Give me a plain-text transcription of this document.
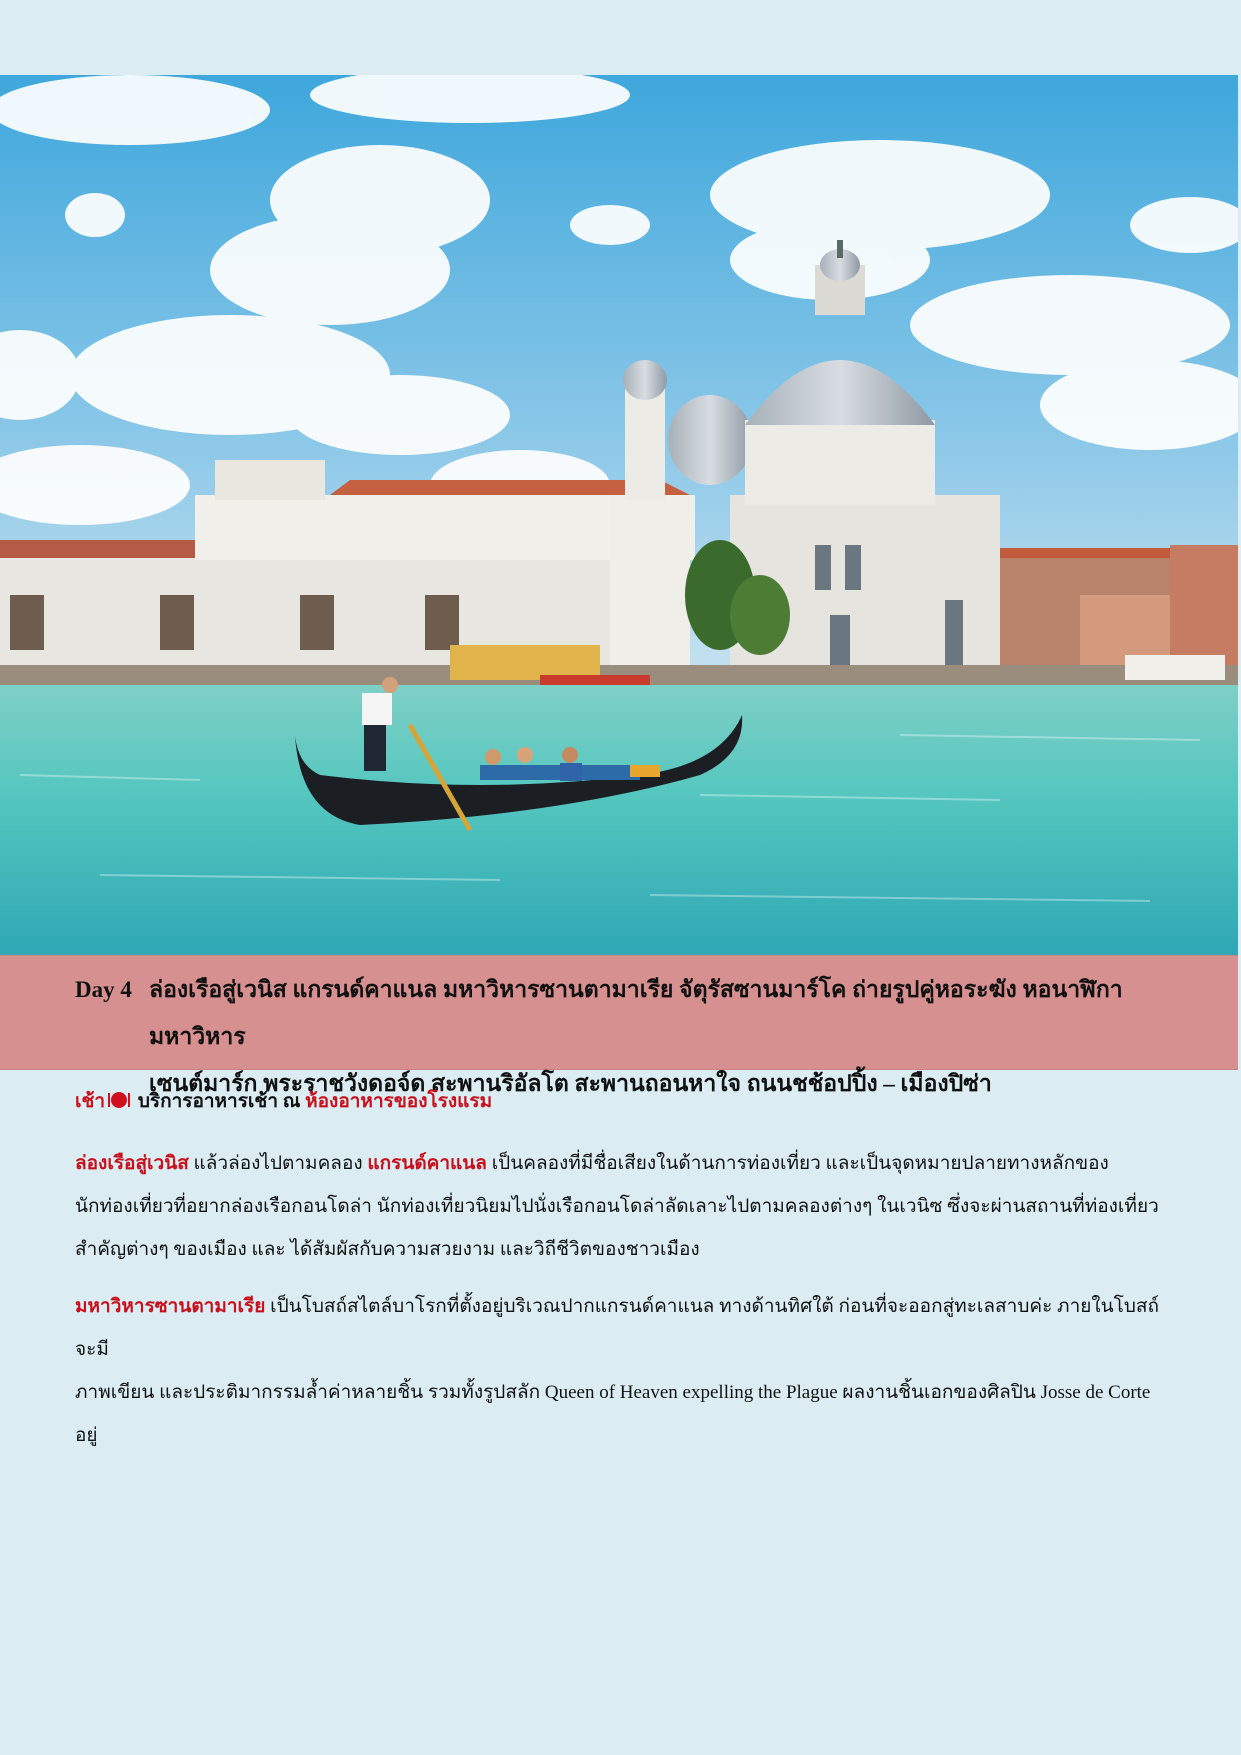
Day 4 ล่องเรือสู่เวนิส แกรนด์คาแนล มหาวิหารซานตามาเรีย จัตุรัสซานมาร์โค ถ่ายรูปคู่หอระฆัง หอนาฬิกา มหาวิหาร
เซนต์มาร์ก พระราชวังดอจ์ด สะพานริอัลโต สะพานถอนหาใจ ถนนชช้อปปิ้ง – เมืองปิซ่า
เช้า บริการอาหารเช้า ณ ห้องอาหารของโรงแรม
ล่องเรือสู่เวนิส แล้วล่องไปตามคลอง แกรนด์คาแนล เป็นคลองที่มีชื่อเสียงในด้านการท่องเที่ยว และเป็นจุดหมายปลายทางหลักของ
นักท่องเที่ยวที่อยากล่องเรือกอนโดล่า นักท่องเที่ยวนิยมไปนั่งเรือกอนโดล่าลัดเลาะไปตามคลองต่างๆ ในเวนิซ ซึ่งจะผ่านสถานที่ท่องเที่ยว
สำคัญต่างๆ ของเมือง และ ได้สัมผัสกับความสวยงาม และวิถีชีวิตของชาวเมือง
มหาวิหารซานตามาเรีย เป็นโบสถ์สไตล์บาโรกที่ตั้งอยู่บริเวณปากแกรนด์คาแนล ทางด้านทิศใต้ ก่อนที่จะออกสู่ทะเลสาบค่ะ ภายในโบสถ์จะมี
ภาพเขียน และประติมากรรมล้ำค่าหลายชิ้น รวมทั้งรูปสลัก Queen of Heaven expelling the Plague ผลงานชิ้นเอกของศิลปิน Josse de Corte อยู่
